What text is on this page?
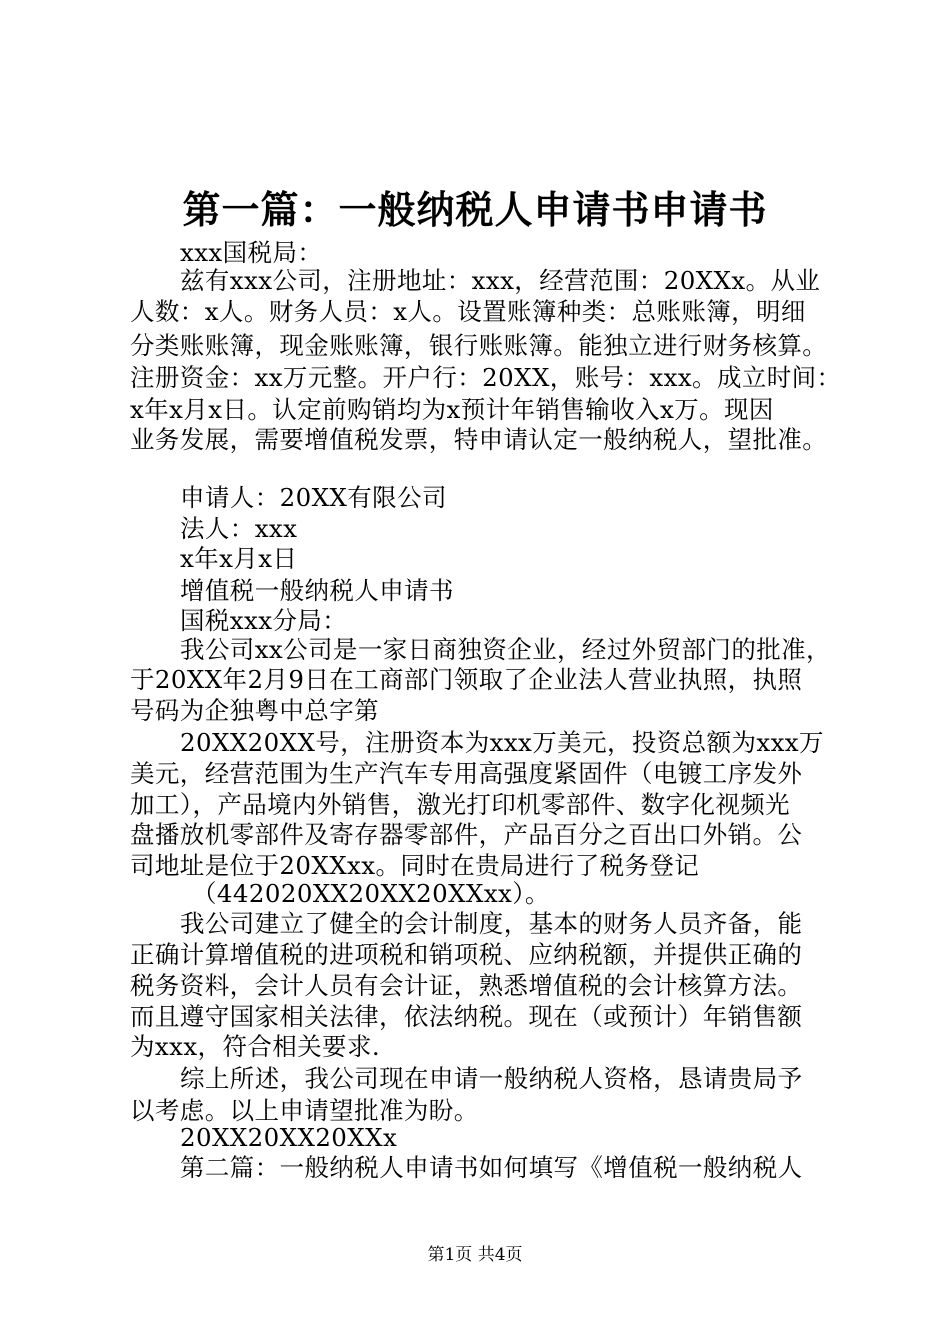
第一篇：一般纳税人申请书申请书
xxx国税局：
兹有xxx公司，注册地址：xxx，经营范围：20XXx。从业
人数：x人。财务人员：x人。设置账簿种类：总账账簿，明细
分类账账簿，现金账账簿，银行账账簿。能独立进行财务核算。
注册资金：xx万元整。开户行：20XX，账号：xxx。成立时间：
x年x月x日。认定前购销均为x预计年销售输收入x万。现因
业务发展，需要增值税发票，特申请认定一般纳税人，望批准。
申请人：20XX有限公司
法人：xxx
x年x月x日
增值税一般纳税人申请书
国税xxx分局：
我公司xx公司是一家日商独资企业，经过外贸部门的批准，
于20XX年2月9日在工商部门领取了企业法人营业执照，执照
号码为企独粤中总字第
20XX20XX号，注册资本为xxx万美元，投资总额为xxx万
美元，经营范围为生产汽车专用高强度紧固件（电镀工序发外
加工），产品境内外销售，激光打印机零部件、数字化视频光
盘播放机零部件及寄存器零部件，产品百分之百出口外销。公
司地址是位于20XXxx。同时在贵局进行了税务登记
（442020XX20XX20XXxx）。
我公司建立了健全的会计制度，基本的财务人员齐备，能
正确计算增值税的进项税和销项税、应纳税额，并提供正确的
税务资料，会计人员有会计证，熟悉增值税的会计核算方法。
而且遵守国家相关法律，依法纳税。现在（或预计）年销售额
为xxx，符合相关要求.
综上所述，我公司现在申请一般纳税人资格，恳请贵局予
以考虑。以上申请望批准为盼。
20XX20XX20XXx
第二篇：一般纳税人申请书如何填写《增值税一般纳税人
第1页 共4页
